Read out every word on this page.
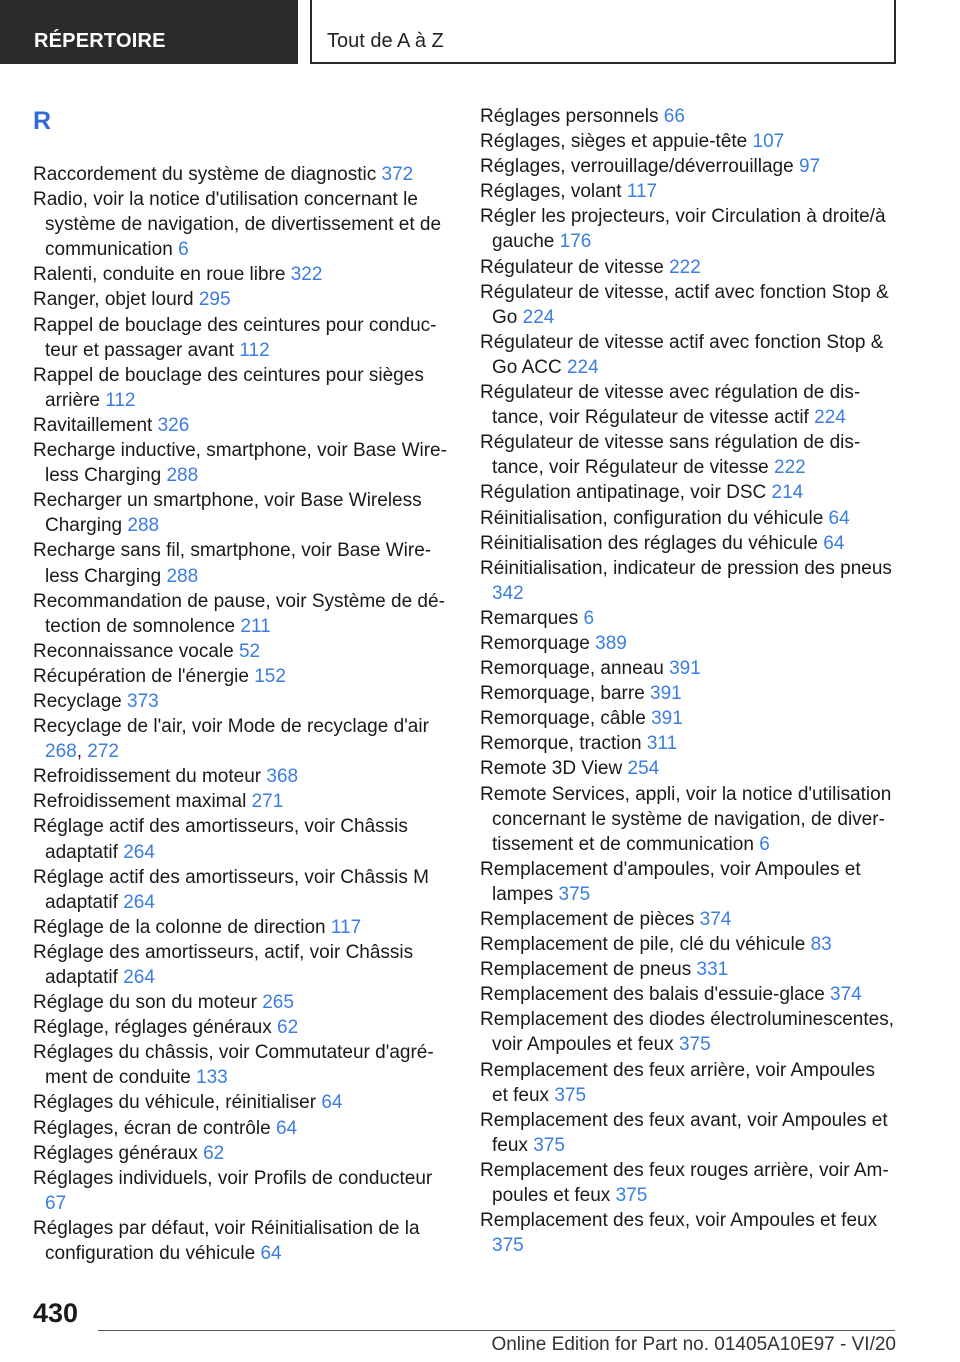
RÉPERTOIRE	Tout de A à Z
R
Raccordement du système de diagnostic 372
Radio, voir la notice d'utilisation concernant le système de navigation, de divertissement et de communication 6
Ralenti, conduite en roue libre 322
Ranger, objet lourd 295
Rappel de bouclage des ceintures pour conducteur et passager avant 112
Rappel de bouclage des ceintures pour sièges arrière 112
Ravitaillement 326
Recharge inductive, smartphone, voir Base Wireless Charging 288
Recharger un smartphone, voir Base Wireless Charging 288
Recharge sans fil, smartphone, voir Base Wireless Charging 288
Recommandation de pause, voir Système de détection de somnolence 211
Reconnaissance vocale 52
Récupération de l'énergie 152
Recyclage 373
Recyclage de l'air, voir Mode de recyclage d'air 268, 272
Refroidissement du moteur 368
Refroidissement maximal 271
Réglage actif des amortisseurs, voir Châssis adaptatif 264
Réglage actif des amortisseurs, voir Châssis M adaptatif 264
Réglage de la colonne de direction 117
Réglage des amortisseurs, actif, voir Châssis adaptatif 264
Réglage du son du moteur 265
Réglage, réglages généraux 62
Réglages du châssis, voir Commutateur d'agrément de conduite 133
Réglages du véhicule, réinitialiser 64
Réglages, écran de contrôle 64
Réglages généraux 62
Réglages individuels, voir Profils de conducteur 67
Réglages par défaut, voir Réinitialisation de la configuration du véhicule 64
Réglages personnels 66
Réglages, sièges et appuie-tête 107
Réglages, verrouillage/déverrouillage 97
Réglages, volant 117
Régler les projecteurs, voir Circulation à droite/à gauche 176
Régulateur de vitesse 222
Régulateur de vitesse, actif avec fonction Stop & Go 224
Régulateur de vitesse actif avec fonction Stop & Go ACC 224
Régulateur de vitesse avec régulation de distance, voir Régulateur de vitesse actif 224
Régulateur de vitesse sans régulation de distance, voir Régulateur de vitesse 222
Régulation antipatinage, voir DSC 214
Réinitialisation, configuration du véhicule 64
Réinitialisation des réglages du véhicule 64
Réinitialisation, indicateur de pression des pneus 342
Remarques 6
Remorquage 389
Remorquage, anneau 391
Remorquage, barre 391
Remorquage, câble 391
Remorque, traction 311
Remote 3D View 254
Remote Services, appli, voir la notice d'utilisation concernant le système de navigation, de divertissement et de communication 6
Remplacement d'ampoules, voir Ampoules et lampes 375
Remplacement de pièces 374
Remplacement de pile, clé du véhicule 83
Remplacement de pneus 331
Remplacement des balais d'essuie-glace 374
Remplacement des diodes électroluminescentes, voir Ampoules et feux 375
Remplacement des feux arrière, voir Ampoules et feux 375
Remplacement des feux avant, voir Ampoules et feux 375
Remplacement des feux rouges arrière, voir Ampoules et feux 375
Remplacement des feux, voir Ampoules et feux 375
430
Online Edition for Part no. 01405A10E97 - VI/20
